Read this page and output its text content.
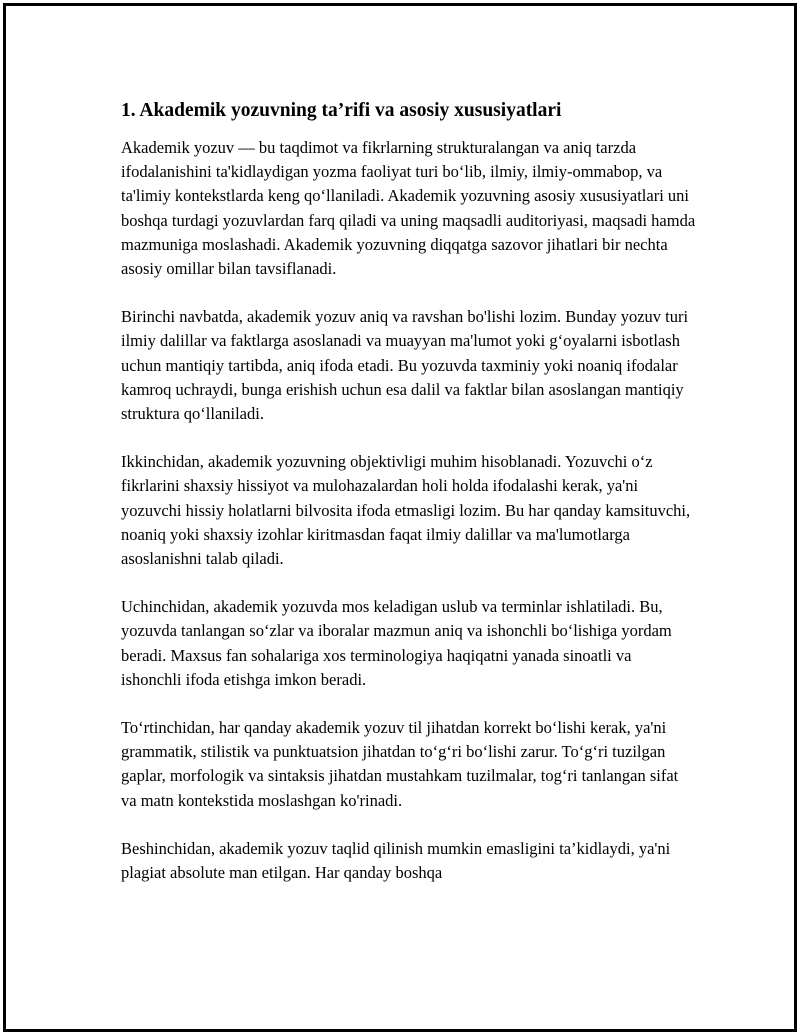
1. Akademik yozuvning ta’rifi va asosiy xususiyatlari

Akademik yozuv — bu taqdimot va fikrlarning strukturalangan va aniq tarzda ifodalanishini ta'kidlaydigan yozma faoliyat turi bo‘lib, ilmiy, ilmiy-ommabop, va ta'limiy kontekstlarda keng qo‘llaniladi. Akademik yozuvning asosiy xususiyatlari uni boshqa turdagi yozuvlardan farq qiladi va uning maqsadli auditoriyasi, maqsadi hamda mazmuniga moslashadi. Akademik yozuvning diqqatga sazovor jihatlari bir nechta asosiy omillar bilan tavsiflanadi.

Birinchi navbatda, akademik yozuv aniq va ravshan bo'lishi lozim. Bunday yozuv turi ilmiy dalillar va faktlarga asoslanadi va muayyan ma'lumot yoki g‘oyalarni isbotlash uchun mantiqiy tartibda, aniq ifoda etadi. Bu yozuvda taxminiy yoki noaniq ifodalar kamroq uchraydi, bunga erishish uchun esa dalil va faktlar bilan asoslangan mantiqiy struktura qo‘llaniladi.

Ikkinchidan, akademik yozuvning objektivligi muhim hisoblanadi. Yozuvchi o‘z fikrlarini shaxsiy hissiyot va mulohazalardan holi holda ifodalashi kerak, ya'ni yozuvchi hissiy holatlarni bilvosita ifoda etmasligi lozim. Bu har qanday kamsituvchi, noaniq yoki shaxsiy izohlar kiritmasdan faqat ilmiy dalillar va ma'lumotlarga asoslanishni talab qiladi.

Uchinchidan, akademik yozuvda mos keladigan uslub va terminlar ishlatiladi. Bu, yozuvda tanlangan so‘zlar va iboralar mazmun aniq va ishonchli bo‘lishiga yordam beradi. Maxsus fan sohalariga xos terminologiya haqiqatni yanada sinoatli va ishonchli ifoda etishga imkon beradi.

To‘rtinchidan, har qanday akademik yozuv til jihatdan korrekt bo‘lishi kerak, ya'ni grammatik, stilistik va punktuatsion jihatdan to‘g‘ri bo‘lishi zarur. To‘g‘ri tuzilgan gaplar, morfologik va sintaksis jihatdan mustahkam tuzilmalar, tog‘ri tanlangan sifat va matn kontekstida moslashgan ko'rinadi.

Beshinchidan, akademik yozuv taqlid qilinish mumkin emasligini ta’kidlaydi, ya'ni plagiat absolute man etilgan. Har qanday boshqa
